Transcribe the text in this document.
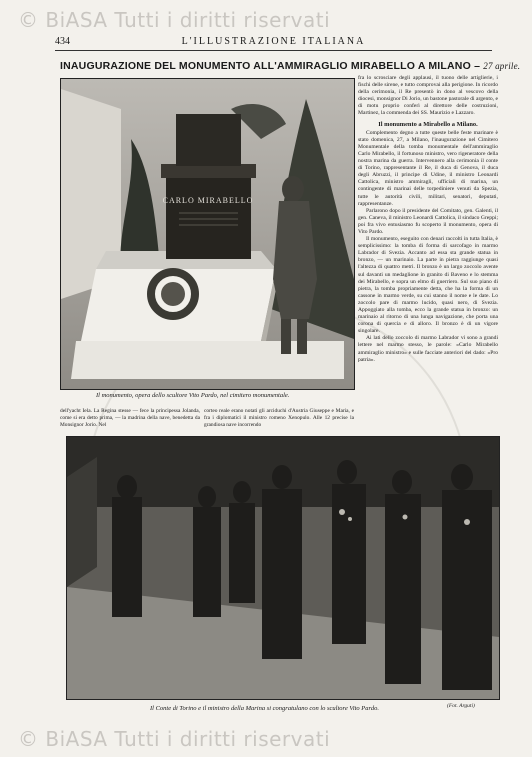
© BiASA Tutti i diritti riservati
434	L'ILLUSTRAZIONE ITALIANA
INAUGURAZIONE DEL MONUMENTO ALL'AMMIRAGLIO MIRABELLO A MILANO – 27 aprile.
CARLO MIRABELLO
Il monumento, opera dello scultore Vito Pardo, nel cimitero monumentale.

fra lo scrosciare degli applausi, il tuono delle artiglierie, i fischi delle sirene, e tutto comprovai alla perigione. In ricordo della cerimonia, il Re presentò in dono al vescovo della diocesi, monsignor Di Jorio, un bastone pastorale di argento, e di motu proprio conferì al direttore delle costruzioni, Martinez, la commenda dei SS. Maurizio e Lazzaro.

Il monumento a Mirabello a Milano.

Complemento degno a tutte queste belle feste marinare è stato domenica, 27, a Milano, l'inaugurazione nel Cimitero Monumentale della tomba monumentale dell'ammiraglio Carlo Mirabello, il fortunoso ministro, vero rigeneratore della nostra marina da guerra. Intervennero alla cerimonia il conte di Torino, rappresentante il Re, il duca di Genova, il duca degli Abruzzi, il principe di Udine, il ministro Leonardi Cattolica, ministro ammiragli, ufficiali di marina, un contingente di marinai delle torpediniere venuti da Spezia, tutte le autorità civili, militari, senatori, deputati, rappresentanze.

Parlarono dopo il presidente del Comitato, gen. Galenti, il gen. Caneva, il ministro Leonardi Cattolica, il sindaco Greppi; poi fra vivo entusiasmo fu scoperto il monumento, opera di Vito Pardo.

Il monumento, eseguito con denari raccolti in tutta Italia, è semplicissimo: la tomba di forma di sarcofago in marmo Labrador di Svezia. Accanto ad essa sta grande statua in bronzo, — un marinaio. La parte in pietra raggiunge quasi l'altezza di quattro metri. Il bronzo è un largo zoccolo avente sul davanti un medaglione in granito di Baveno e lo stemma dei Mirabello, e sopra un elmo di guerriero. Sul suo piano di pietra, la tomba propriamente detta, che ha la forma di un cassone in marmo verde, su cui stanno il nome e le date. Lo zoccolo pare di marmo lucido, quasi nero, di Svezia. Appoggiato alla tomba, ecco la grande statua in bronzo: un marinaio al ritorno di una lunga navigazione, che porta una corona di quercia e di alloro. Il bronzo è di un vigore singolare.

Ai lati dello zoccolo di marmo Labrador vi sono a grandi lettere nel marmo stesso, le parole: «Carlo Mirabello ammiraglio ministro» e sulle facciate anteriori del dado: «Pro patria».

dell'yacht Iela. La Regina stesse — fece la principessa Jolanda, come si era detto prima, — la madrina della nave, benedetta da Monsignor Jorio. Nel
corteo reale erano notati gli arciduchi d'Austria Giuseppe e Maria, e fra i diplomatici il ministro romeno Xenopulo. Alle 12 precise la grandiosa nave incorrendo
Il Conte di Torino e il ministro della Marina si congratulano con lo scultore Vito Pardo.	(Fot. Arguti)
© BiASA Tutti i diritti riservati
